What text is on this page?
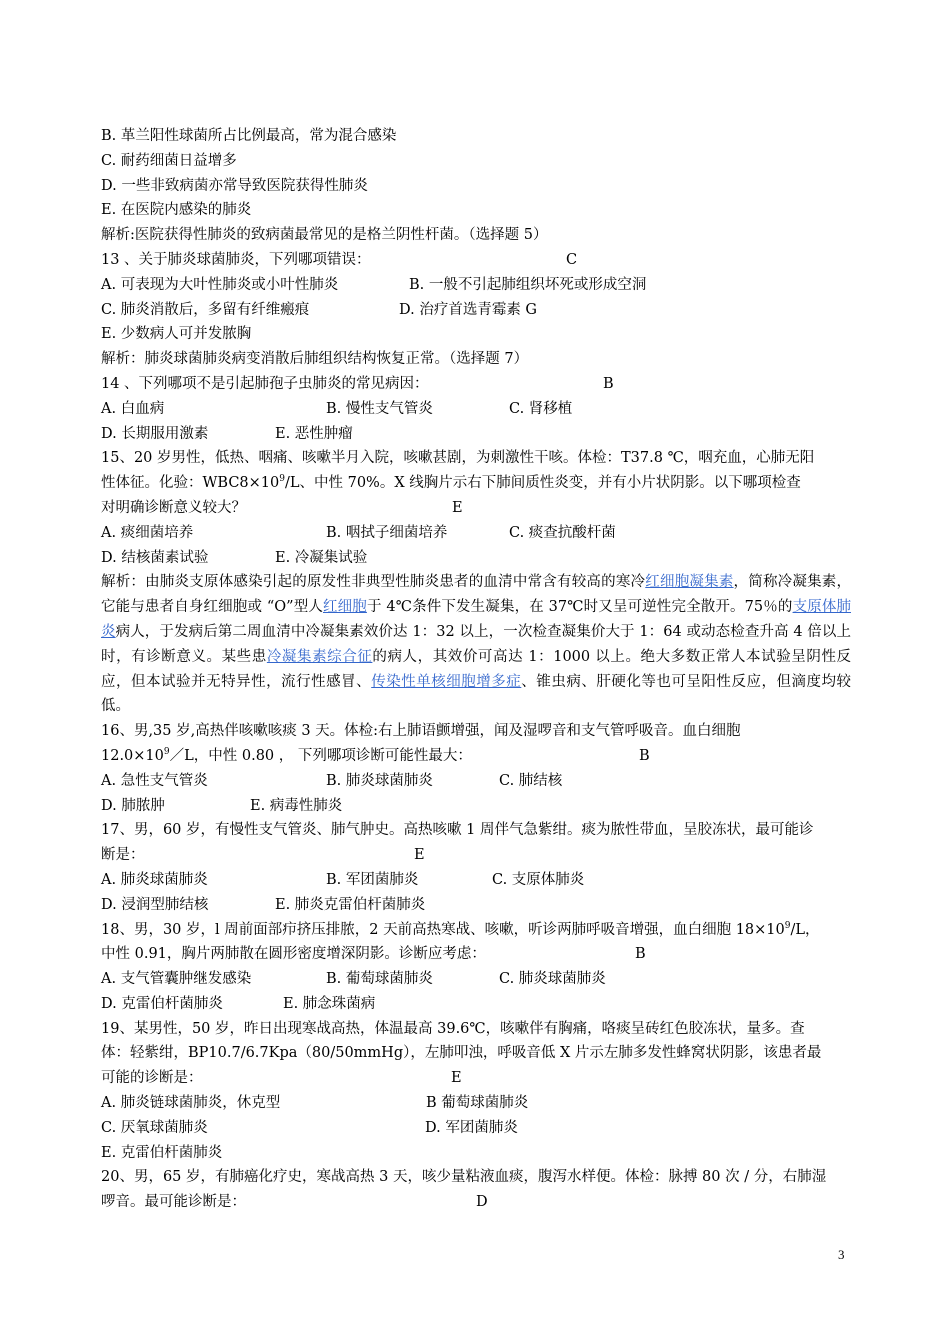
B. 革兰阳性球菌所占比例最高，常为混合感染
C. 耐药细菌日益增多
D. 一些非致病菌亦常导致医院获得性肺炎
E. 在医院内感染的肺炎
解析:医院获得性肺炎的致病菌最常见的是格兰阴性杆菌。（选择题 5）
13 、关于肺炎球菌肺炎，下列哪项错误：	C
A. 可表现为大叶性肺炎或小叶性肺炎	B. 一般不引起肺组织坏死或形成空洞
C. 肺炎消散后，多留有纤维瘢痕	D. 治疗首选青霉素 G
E. 少数病人可并发脓胸
解析：肺炎球菌肺炎病变消散后肺组织结构恢复正常。（选择题 7）
14 、下列哪项不是引起肺孢子虫肺炎的常见病因：	B
A. 白血病	B. 慢性支气管炎	C. 肾移植
D. 长期服用激素	E. 恶性肿瘤
15、20 岁男性，低热、咽痛、咳嗽半月入院，咳嗽甚剧，为刺激性干咳。体检：T37.8 ℃，咽充血，心肺无阳
性体征。化验：$WBC8\times 10^9/L$、中性 70%。X 线胸片示右下肺间质性炎变，并有小片状阴影。以下哪项检查
对明确诊断意义较大？	E
A. 痰细菌培养	B. 咽拭子细菌培养	C. 痰查抗酸杆菌
D. 结核菌素试验	E. 冷凝集试验
解析：由肺炎支原体感染引起的原发性非典型性肺炎患者的血清中常含有较高的寒冷红细胞凝集素，简称冷凝集素，它能与患者自身红细胞或 “O”型人红细胞于 4℃条件下发生凝集，在 37℃时又呈可逆性完全散开。75％的支原体肺炎病人，于发病后第二周血清中冷凝集素效价达 1：32 以上，一次检查凝集价大于 1：64 或动态检查升高 4 倍以上时，有诊断意义。某些患冷凝集素综合征的病人，其效价可高达 1：1000 以上。绝大多数正常人本试验呈阴性反应，但本试验并无特异性，流行性感冒、传染性单核细胞增多症、锥虫病、肝硬化等也可呈阳性反应，但滴度均较低。
16、男,35 岁,高热伴咳嗽咳痰 3 天。体检:右上肺语颤增强，闻及湿啰音和支气管呼吸音。血白细胞
$12.0\times 10^9/L$，中性 0.80 ， 下列哪项诊断可能性最大：	B
A. 急性支气管炎	B. 肺炎球菌肺炎	C. 肺结核
D. 肺脓肿	E. 病毒性肺炎
17、男，60 岁，有慢性支气管炎、肺气肿史。高热咳嗽 1 周伴气急紫绀。痰为脓性带血，呈胶冻状，最可能诊
断是：	E
A. 肺炎球菌肺炎	B. 军团菌肺炎	C. 支原体肺炎
D. 浸润型肺结核	E. 肺炎克雷伯杆菌肺炎
18、男，30 岁，l 周前面部疖挤压排脓，2 天前高热寒战、咳嗽，听诊两肺呼吸音增强，血白细胞 $18\times 10^9/L$，
中性 0.91，胸片两肺散在圆形密度增深阴影。诊断应考虑：	B
A. 支气管囊肿继发感染	B. 葡萄球菌肺炎	C. 肺炎球菌肺炎
D. 克雷伯杆菌肺炎	E. 肺念珠菌病
19、某男性，50 岁，昨日出现寒战高热，体温最高 39.6℃，咳嗽伴有胸痛，咯痰呈砖红色胶冻状，量多。查
体：轻紫绀，BP10.7/6.7Kpa（80/50mmHg），左肺叩浊，呼吸音低 X 片示左肺多发性蜂窝状阴影，该患者最
可能的诊断是：	E
A. 肺炎链球菌肺炎，休克型	B 葡萄球菌肺炎
C. 厌氧球菌肺炎	D. 军团菌肺炎
E. 克雷伯杆菌肺炎
20、男，65 岁，有肺癌化疗史，寒战高热 3 天，咳少量粘液血痰，腹泻水样便。体检：脉搏 80 次 / 分，右肺湿
啰音。最可能诊断是：	D
3
